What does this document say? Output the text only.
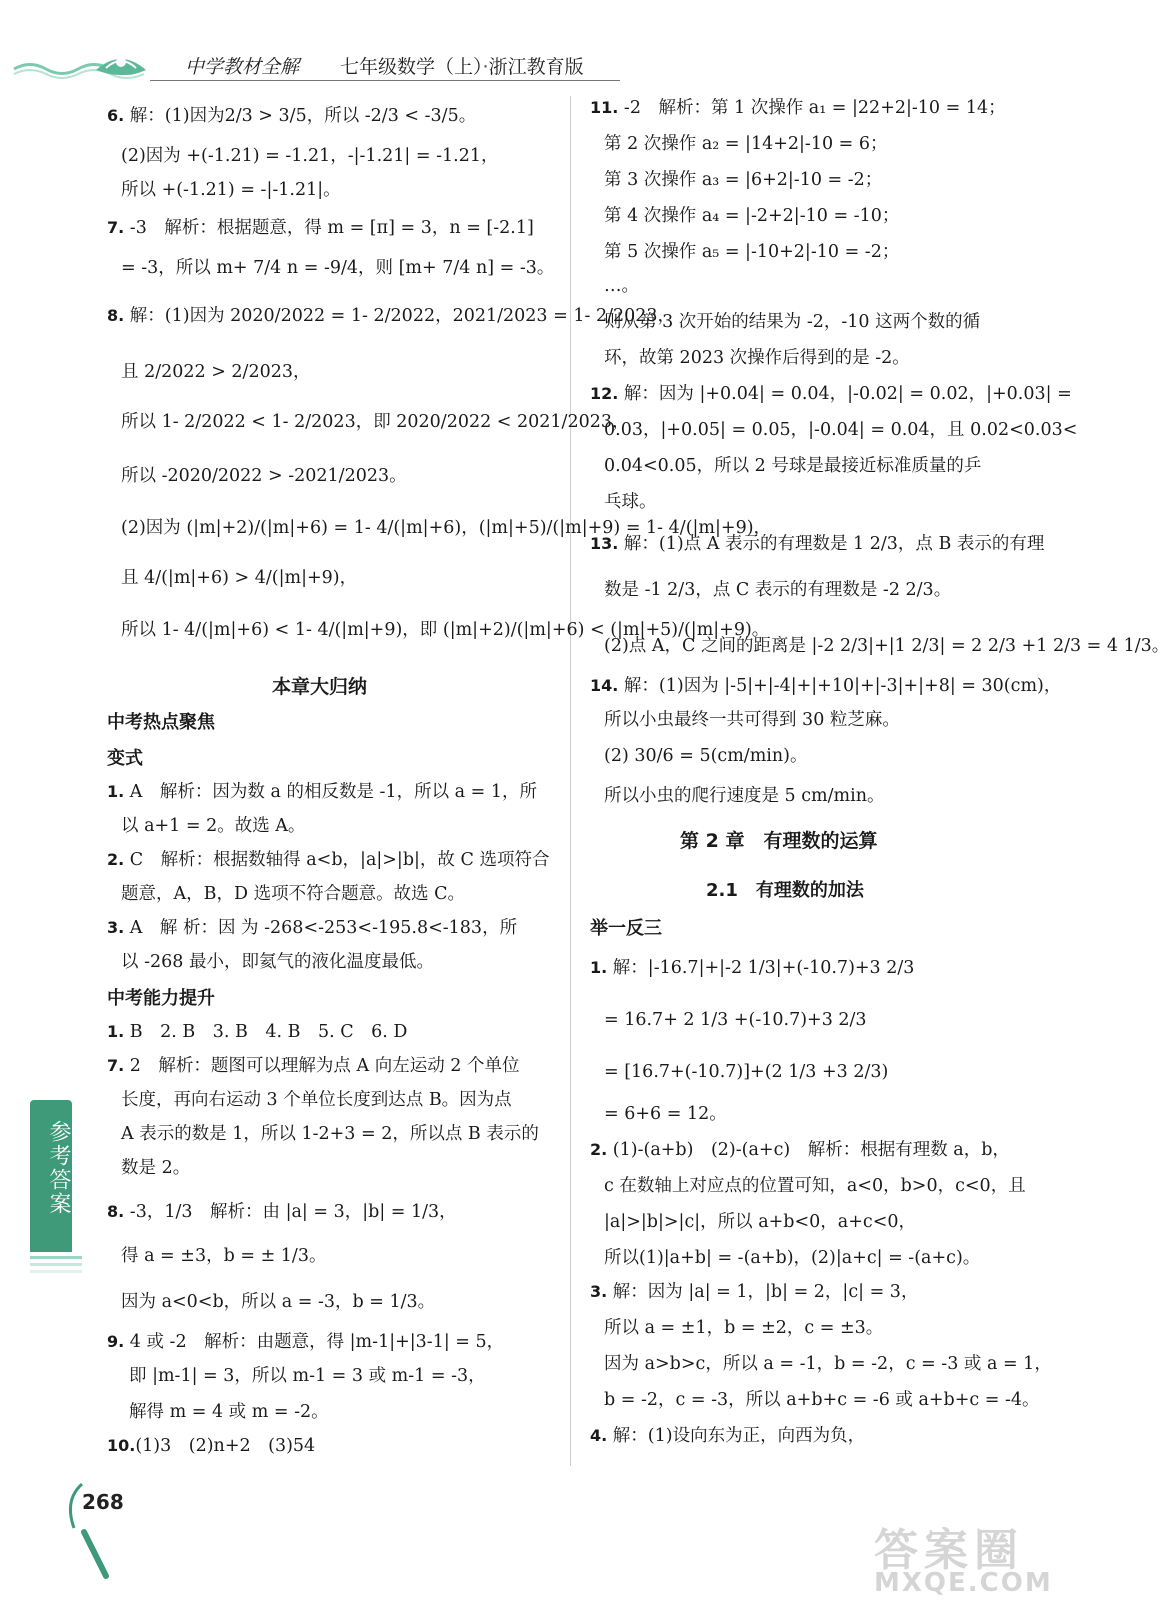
中学教材全解 七年级数学（上）·浙江教育版
6. 解：(1)因为2/3 > 3/5，所以 -2/3 < -3/5。
(2)因为 +(-1.21) = -1.21，-|-1.21| = -1.21，
所以 +(-1.21) = -|-1.21|。
7. -3　解析：根据题意，得 m = [π] = 3，n = [-2.1]
= -3，所以 m+ 7/4 n = -9/4，则 [m+ 7/4 n] = -3。
8. 解：(1)因为 2020/2022 = 1- 2/2022，2021/2023 = 1- 2/2023，
且 2/2022 > 2/2023，
所以 1- 2/2022 < 1- 2/2023，即 2020/2022 < 2021/2023，
所以 -2020/2022 > -2021/2023。
(2)因为 (|m|+2)/(|m|+6) = 1- 4/(|m|+6)，(|m|+5)/(|m|+9) = 1- 4/(|m|+9)，
且 4/(|m|+6) > 4/(|m|+9)，
所以 1- 4/(|m|+6) < 1- 4/(|m|+9)，即 (|m|+2)/(|m|+6) < (|m|+5)/(|m|+9)。
本章大归纳
中考热点聚焦
变式
1. A　解析：因为数 a 的相反数是 -1，所以 a = 1，所
以 a+1 = 2。故选 A。
2. C　解析：根据数轴得 a<b，|a|>|b|，故 C 选项符合
题意，A，B，D 选项不符合题意。故选 C。
3. A　解 析：因 为 -268<-253<-195.8<-183，所
以 -268 最小，即氦气的液化温度最低。
中考能力提升
1. B　2. B　3. B　4. B　5. C　6. D
7. 2　解析：题图可以理解为点 A 向左运动 2 个单位
长度，再向右运动 3 个单位长度到达点 B。因为点
A 表示的数是 1，所以 1-2+3 = 2，所以点 B 表示的
数是 2。
8. -3，1/3　解析：由 |a| = 3，|b| = 1/3，
得 a = ±3，b = ± 1/3。
因为 a<0<b，所以 a = -3，b = 1/3。
9. 4 或 -2　解析：由题意，得 |m-1|+|3-1| = 5，
即 |m-1| = 3，所以 m-1 = 3 或 m-1 = -3，
解得 m = 4 或 m = -2。
10.(1)3　(2)n+2　(3)54
11. -2　解析：第 1 次操作 a₁ = |22+2|-10 = 14；
第 2 次操作 a₂ = |14+2|-10 = 6；
第 3 次操作 a₃ = |6+2|-10 = -2；
第 4 次操作 a₄ = |-2+2|-10 = -10；
第 5 次操作 a₅ = |-10+2|-10 = -2；
…。
则从第 3 次开始的结果为 -2，-10 这两个数的循
环，故第 2023 次操作后得到的是 -2。
12. 解：因为 |+0.04| = 0.04，|-0.02| = 0.02，|+0.03| =
0.03，|+0.05| = 0.05，|-0.04| = 0.04，且 0.02<0.03<
0.04<0.05，所以 2 号球是最接近标准质量的乒
乓球。
13. 解：(1)点 A 表示的有理数是 1 2/3，点 B 表示的有理
数是 -1 2/3，点 C 表示的有理数是 -2 2/3。
(2)点 A，C 之间的距离是 |-2 2/3|+|1 2/3| = 2 2/3 +1 2/3 = 4 1/3。
14. 解：(1)因为 |-5|+|-4|+|+10|+|-3|+|+8| = 30(cm)，
所以小虫最终一共可得到 30 粒芝麻。
(2) 30/6 = 5(cm/min)。
所以小虫的爬行速度是 5 cm/min。
第 2 章　有理数的运算
2.1　有理数的加法
举一反三
1. 解：|-16.7|+|-2 1/3|+(-10.7)+3 2/3
= 16.7+ 2 1/3 +(-10.7)+3 2/3
= [16.7+(-10.7)]+(2 1/3 +3 2/3)
= 6+6 = 12。
2. (1)-(a+b)　(2)-(a+c)　解析：根据有理数 a，b，
c 在数轴上对应点的位置可知，a<0，b>0，c<0，且
|a|>|b|>|c|，所以 a+b<0，a+c<0，
所以(1)|a+b| = -(a+b)，(2)|a+c| = -(a+c)。
3. 解：因为 |a| = 1，|b| = 2，|c| = 3，
所以 a = ±1，b = ±2，c = ±3。
因为 a>b>c，所以 a = -1，b = -2，c = -3 或 a = 1，
b = -2，c = -3，所以 a+b+c = -6 或 a+b+c = -4。
4. 解：(1)设向东为正，向西为负，
参考答案
268
答案圈
MXQE.COM
